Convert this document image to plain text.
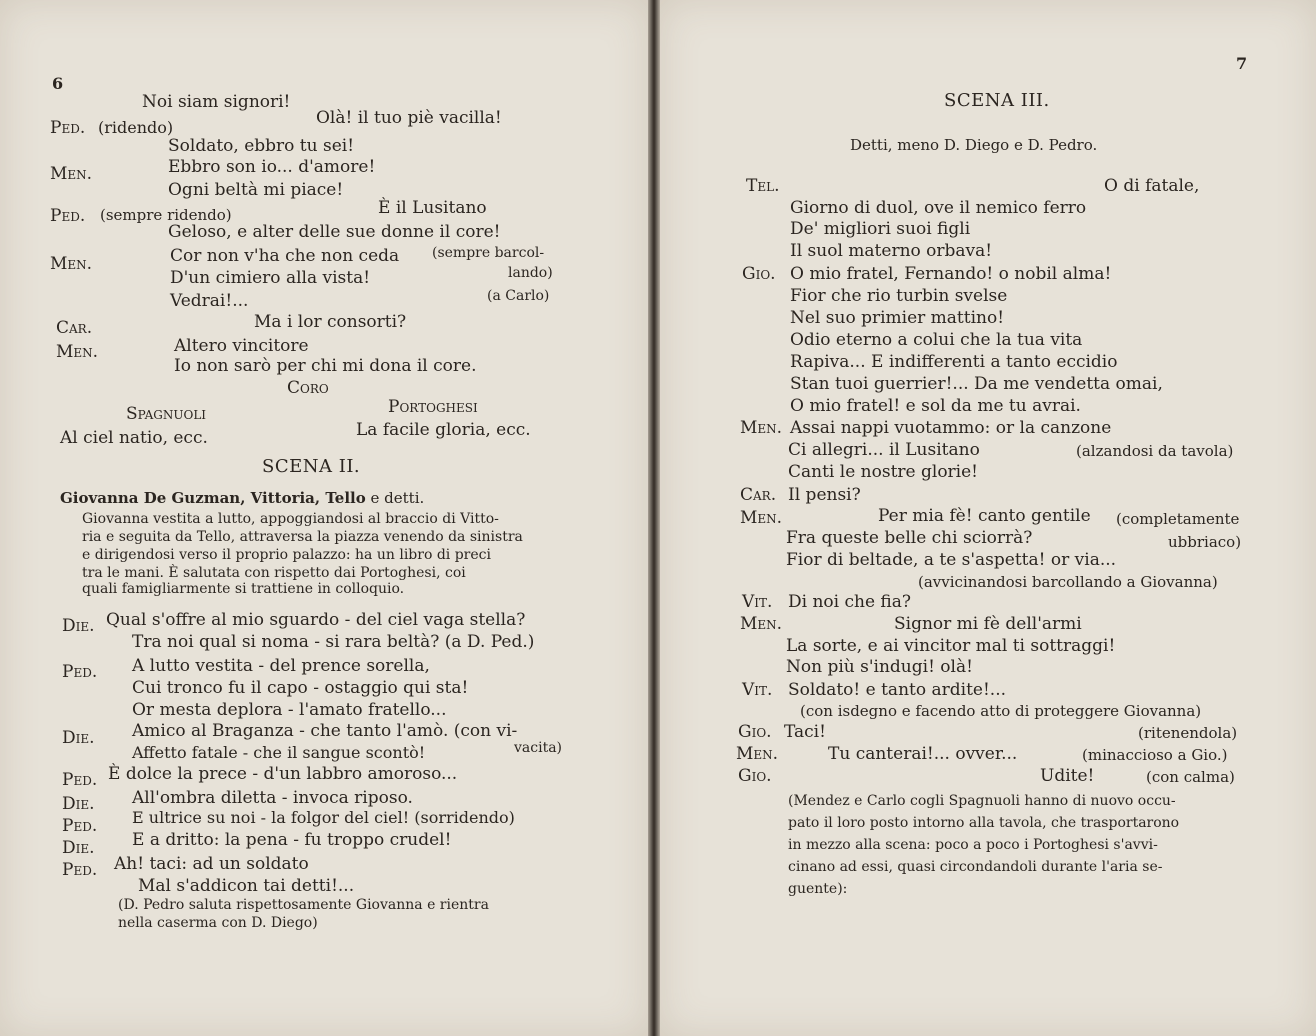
6
Noi siam signori!
Ped. (ridendo)	Olà! il tuo piè vacilla!
Soldato, ebbro tu sei!
Men.	Ebbro son io... d'amore!
Ogni beltà mi piace!
Ped. (sempre ridendo)	È il Lusitano
Geloso, e alter delle sue donne il core!
Men.	Cor non v'ha che non ceda (sempre barcol-
D'un cimiero alla vista!	lando)
Vedrai!...	(a Carlo)
Car.	Ma i lor consorti?
Men.	Altero vincitore
Io non sarò per chi mi dona il core.
Coro
Spagnuoli	Portoghesi
Al ciel natio, ecc.	La facile gloria, ecc.
SCENA II.
Giovanna De Guzman, Vittoria, Tello e detti.
Giovanna vestita a lutto, appoggiandosi al braccio di Vitto-
ria e seguita da Tello, attraversa la piazza venendo da sinistra
e dirigendosi verso il proprio palazzo: ha un libro di preci
tra le mani. È salutata con rispetto dai Portoghesi, coi
quali famigliarmente si trattiene in colloquio.
Die. Qual s'offre al mio sguardo - del ciel vaga stella?
Tra noi qual si noma - si rara beltà? (a D. Ped.)
Ped. A lutto vestita - del prence sorella,
Cui tronco fu il capo - ostaggio qui sta!
Or mesta deplora - l'amato fratello...
Die. Amico al Braganza - che tanto l'amò. (con vi-
Affetto fatale - che il sangue scontò!	vacita)
Ped. È dolce la prece - d'un labbro amoroso...
Die. All'ombra diletta - invoca riposo.
Ped. E ultrice su noi - la folgor del ciel! (sorridendo)
Die. E a dritto: la pena - fu troppo crudel!
Ped. Ah! taci: ad un soldato
Mal s'addicon tai detti!...
(D. Pedro saluta rispettosamente Giovanna e rientra
nella caserma con D. Diego)
7
SCENA III.
Detti, meno D. Diego e D. Pedro.
Tel.	O di fatale,
Giorno di duol, ove il nemico ferro
De' migliori suoi figli
Il suol materno orbava!
Gio. O mio fratel, Fernando! o nobil alma!
Fior che rio turbin svelse
Nel suo primier mattino!
Odio eterno a colui che la tua vita
Rapiva... E indifferenti a tanto eccidio
Stan tuoi guerrier!... Da me vendetta omai,
O mio fratel! e sol da me tu avrai.
Men. Assai nappi vuotammo: or la canzone
Ci allegri... il Lusitano	(alzandosi da tavola)
Canti le nostre glorie!
Car. Il pensi?
Men.	Per mia fè! canto gentile (completamente
Fra queste belle chi sciorrà?	ubbriaco)
Fior di beltade, a te s'aspetta! or via...
(avvicinandosi barcollando a Giovanna)
Vit. Di noi che fia?
Men.	Signor mi fè dell'armi
La sorte, e ai vincitor mal ti sottraggi!
Non più s'indugi! olà!
Vit. Soldato! e tanto ardite!...
(con isdegno e facendo atto di proteggere Giovanna)
Gio. Taci!	(ritenendola)
Men.	Tu canterai!... ovver...	(minaccioso a Gio.)
Gio.	Udite!	(con calma)
(Mendez e Carlo cogli Spagnuoli hanno di nuovo occu-
pato il loro posto intorno alla tavola, che trasportarono
in mezzo alla scena: poco a poco i Portoghesi s'avvi-
cinano ad essi, quasi circondandoli durante l'aria se-
guente):
